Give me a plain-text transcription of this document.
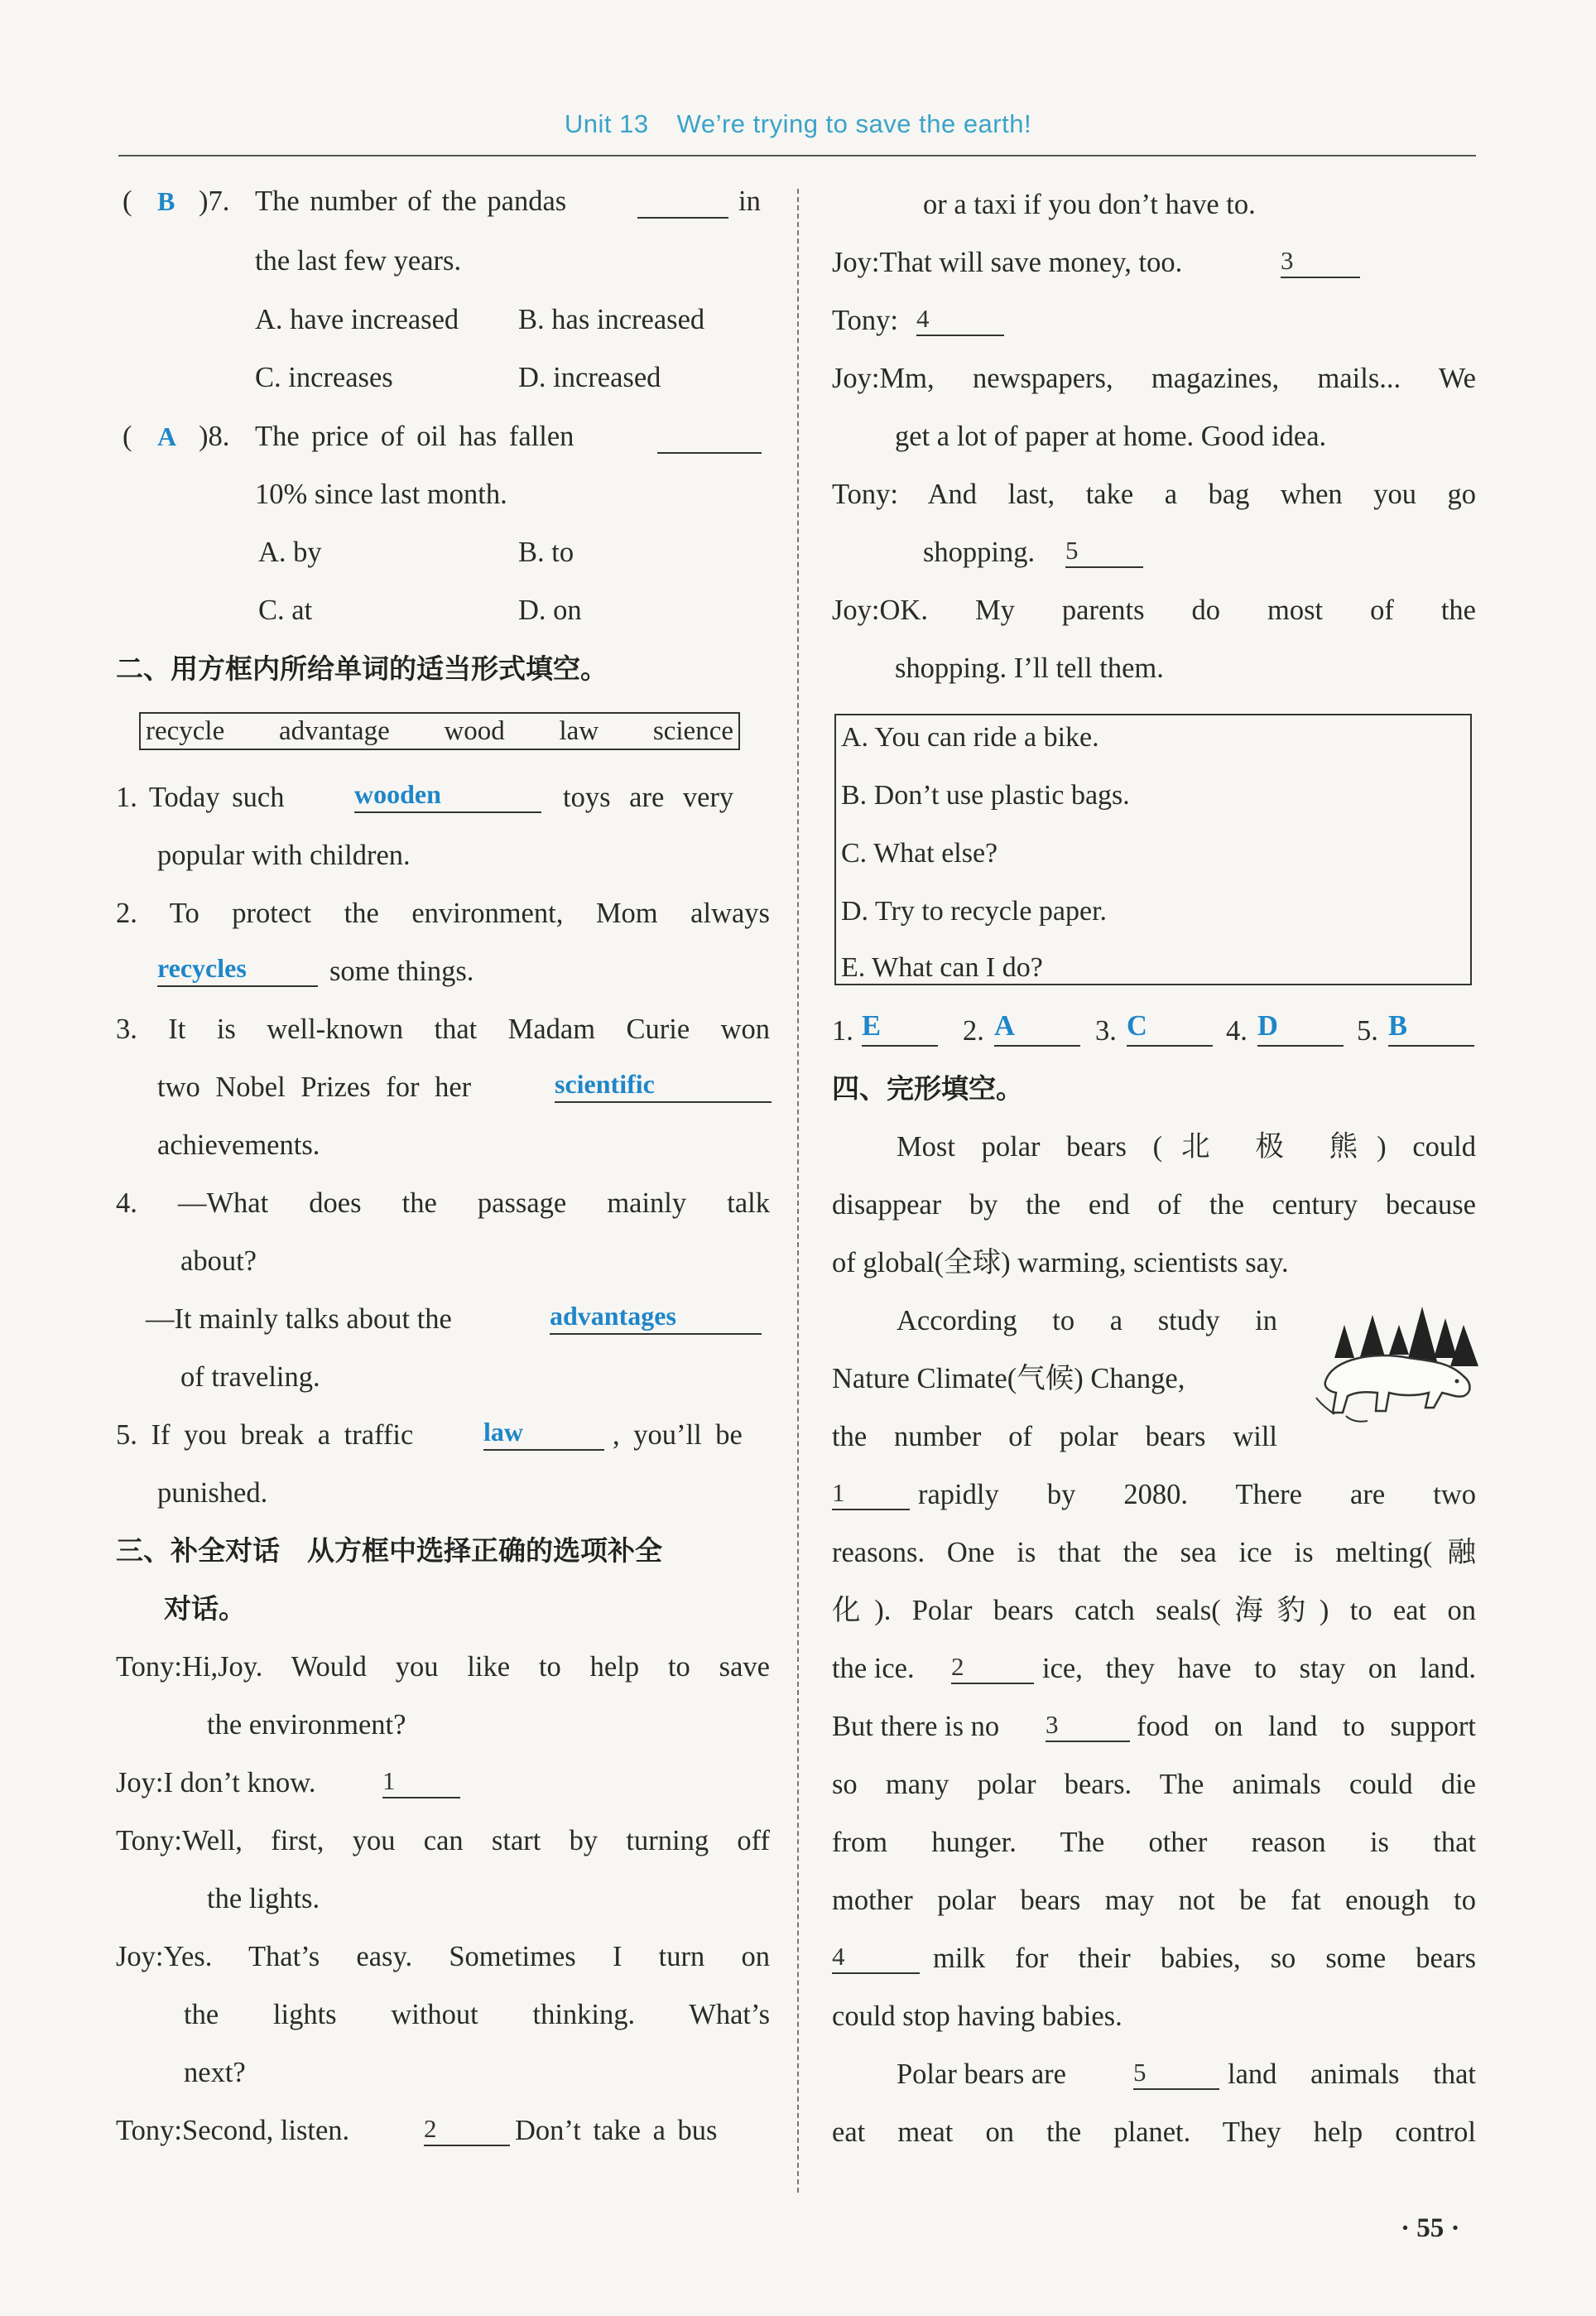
Unit 13 We’re trying to save the earth!
( B )7. The number of the pandas	in
the last few years.
A. have increased B. has increased
C. increases	D. increased
( A )8. The price of oil has fallen
10% since last month.
A. by	B. to
C. at	D. on
二、用方框内所给单词的适当形式填空。
1. Today such	wooden	toys are very
popular with children.
2. To protect the environment, Mom always
recycles	some things.
3. It is well-known that Madam Curie won
two Nobel Prizes for her	scientific
achievements.
4. —What does the passage mainly talk
about?
—It mainly talks about the	advantages
of traveling.
5. If you break a traffic	law	, you’ll be
punished.
三、补全对话　从方框中选择正确的选项补全
对话。
Tony:Hi,Joy. Would you like to help to save
the environment?
Joy:I don’t know.	1
Tony:Well, first, you can start by turning off
the lights.
Joy:Yes. That’s easy. Sometimes I turn on
the lights without thinking. What’s
next?
Tony:Second, listen.	2	Don’t take a bus
recycle advantage wood law science
or a taxi if you don’t have to.
Joy:That will save money, too.	3
Tony: 4
Joy:Mm, newspapers, magazines, mails... We
get a lot of paper at home. Good idea.
Tony: And last, take a bag when you go
shopping. 5
Joy:OK. My parents do most of the
shopping. I’ll tell them.
1. E	2. A	3. C	4. D	5. B
四、完形填空。
Most polar bears (北 极 熊) could
disappear by the end of the century because
of global(全球) warming, scientists say.
According to a study in
Nature Climate(气候) Change,
the number of polar bears will
1	rapidly by 2080. There are two
reasons. One is that the sea ice is melting(融
化). Polar bears catch seals(海豹) to eat on
the ice. 2	ice, they have to stay on land.
But there is no 3	food on land to support
so many polar bears. The animals could die
from hunger. The other reason is that
mother polar bears may not be fat enough to
4	milk for their babies, so some bears
could stop having babies.
Polar bears are	5	land animals that
eat meat on the planet. They help control
A. You can ride a bike.
B. Don’t use plastic bags.
C. What else?
D. Try to recycle paper.
E. What can I do?
· 55 ·
